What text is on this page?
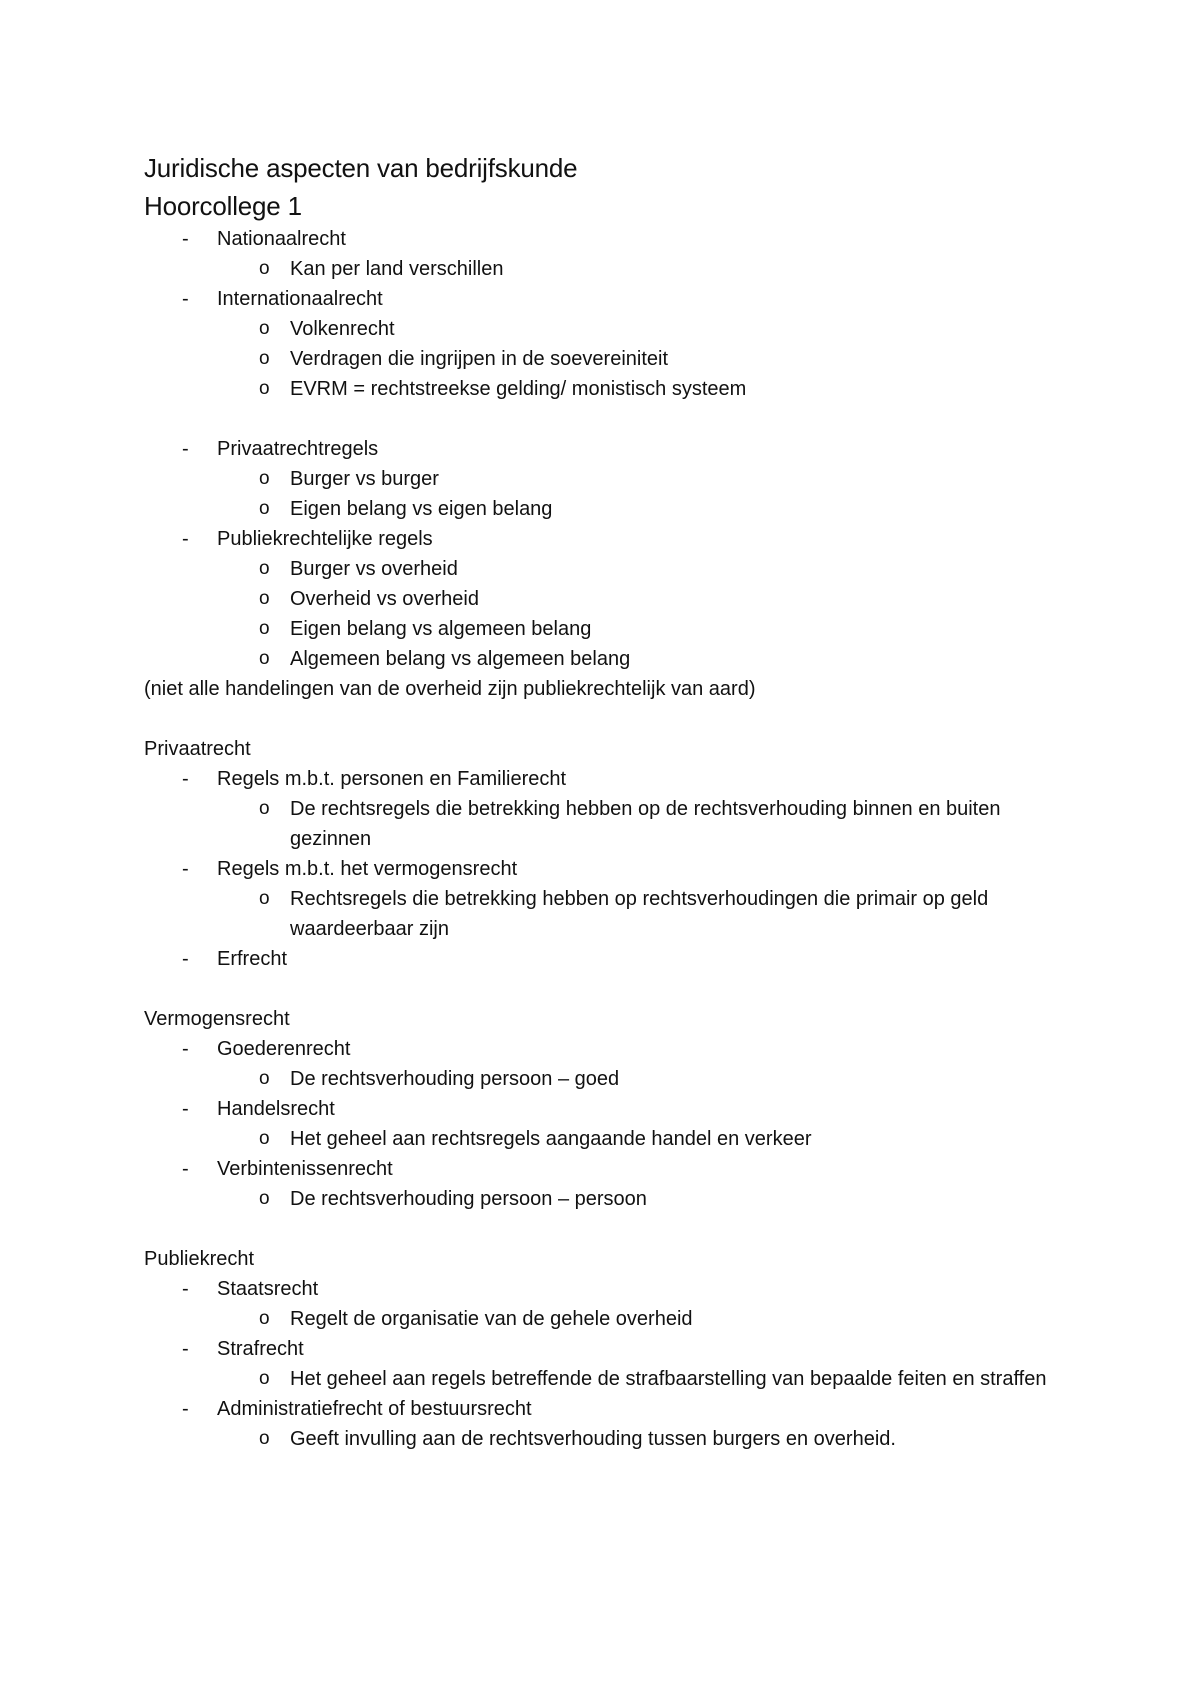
Juridische aspecten van bedrijfskunde
Hoorcollege 1
- Nationaalrecht
o Kan per land verschillen
- Internationaalrecht
o Volkenrecht
o Verdragen die ingrijpen in de soevereiniteit
o EVRM = rechtstreekse gelding/ monistisch systeem
- Privaatrechtregels
o Burger vs burger
o Eigen belang vs eigen belang
- Publiekrechtelijke regels
o Burger vs overheid
o Overheid vs overheid
o Eigen belang vs algemeen belang
o Algemeen belang vs algemeen belang

(niet alle handelingen van de overheid zijn publiekrechtelijk van aard)

Privaatrecht

- Regels m.b.t. personen en Familierecht
o De rechtsregels die betrekking hebben op de rechtsverhouding binnen en buiten gezinnen
- Regels m.b.t. het vermogensrecht
o Rechtsregels die betrekking hebben op rechtsverhoudingen die primair op geld waardeerbaar zijn
- Erfrecht

Vermogensrecht

- Goederenrecht
o De rechtsverhouding persoon – goed
- Handelsrecht
o Het geheel aan rechtsregels aangaande handel en verkeer
- Verbintenissenrecht
o De rechtsverhouding persoon – persoon

Publiekrecht

- Staatsrecht
o Regelt de organisatie van de gehele overheid
- Strafrecht
o Het geheel aan regels betreffende de strafbaarstelling van bepaalde feiten en straffen
- Administratiefrecht of bestuursrecht
o Geeft invulling aan de rechtsverhouding tussen burgers en overheid.
